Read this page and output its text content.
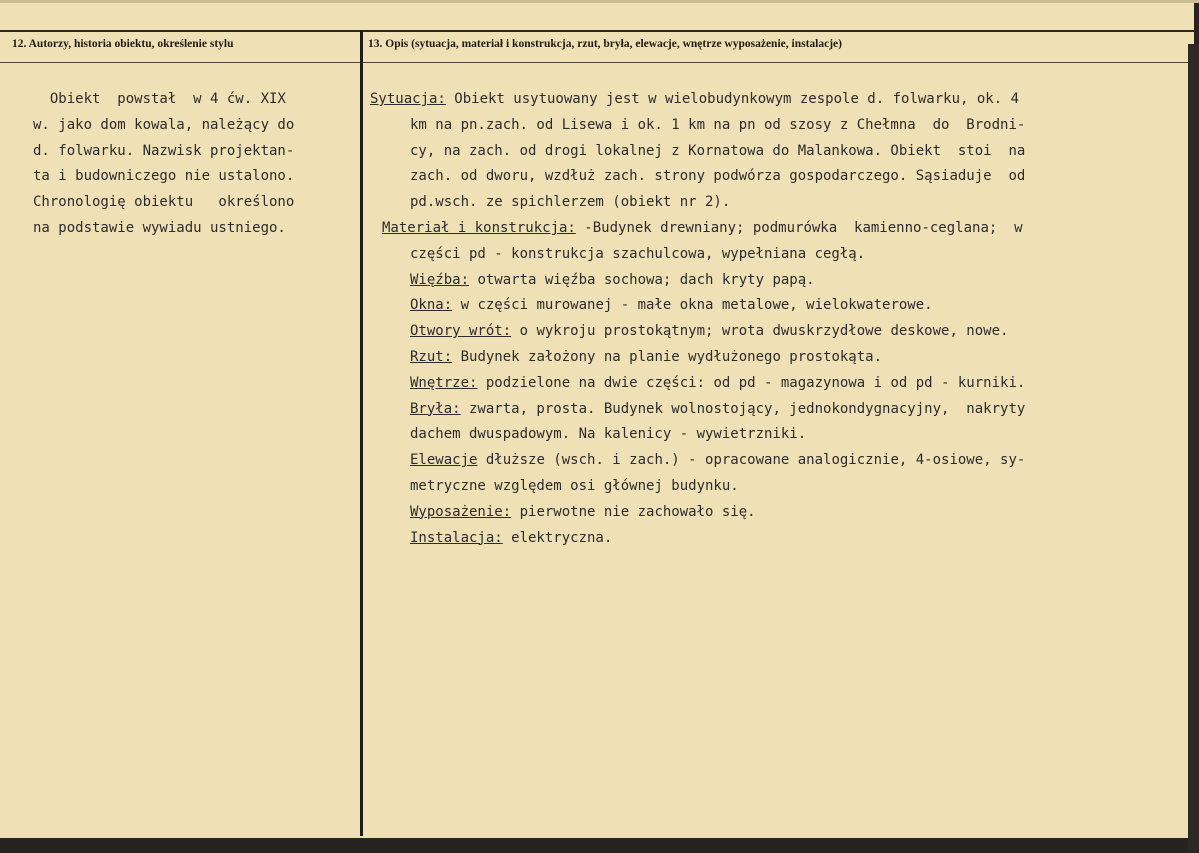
12. Autorzy, historia obiektu, określenie stylu	13. Opis (sytuacja, materiał i konstrukcja, rzut, bryła, elewacje, wnętrze wyposażenie, instalacje)
Obiekt  powstał  w 4 ćw. XIX
w. jako dom kowala, należący do
d. folwarku. Nazwisk projektan-
ta i budowniczego nie ustalono.
Chronologię obiektu   określono
na podstawie wywiadu ustniego.
Sytuacja: Obiekt usytuowany jest w wielobudynkowym zespole d. folwarku, ok. 4
km na pn.zach. od Lisewa i ok. 1 km na pn od szosy z Chełmna  do  Brodni-
cy, na zach. od drogi lokalnej z Kornatowa do Malankowa. Obiekt  stoi  na
zach. od dworu, wzdłuż zach. strony podwórza gospodarczego. Sąsiaduje  od
pd.wsch. ze spichlerzem (obiekt nr 2).
Materiał i konstrukcja: -Budynek drewniany; podmurówka  kamienno-ceglana;  w
części pd - konstrukcja szachulcowa, wypełniana cegłą.
Więźba: otwarta więźba sochowa; dach kryty papą.
Okna: w części murowanej - małe okna metalowe, wielokwaterowe.
Otwory wrót: o wykroju prostokątnym; wrota dwuskrzydłowe deskowe, nowe.
Rzut: Budynek założony na planie wydłużonego prostokąta.
Wnętrze: podzielone na dwie części: od pd - magazynowa i od pd - kurniki.
Bryła: zwarta, prosta. Budynek wolnostojący, jednokondygnacyjny,  nakryty
dachem dwuspadowym. Na kalenicy - wywietrzniki.
Elewacje dłuższe (wsch. i zach.) - opracowane analogicznie, 4-osiowe, sy-
metryczne względem osi głównej budynku.
Wyposażenie: pierwotne nie zachowało się.
Instalacja: elektryczna.
